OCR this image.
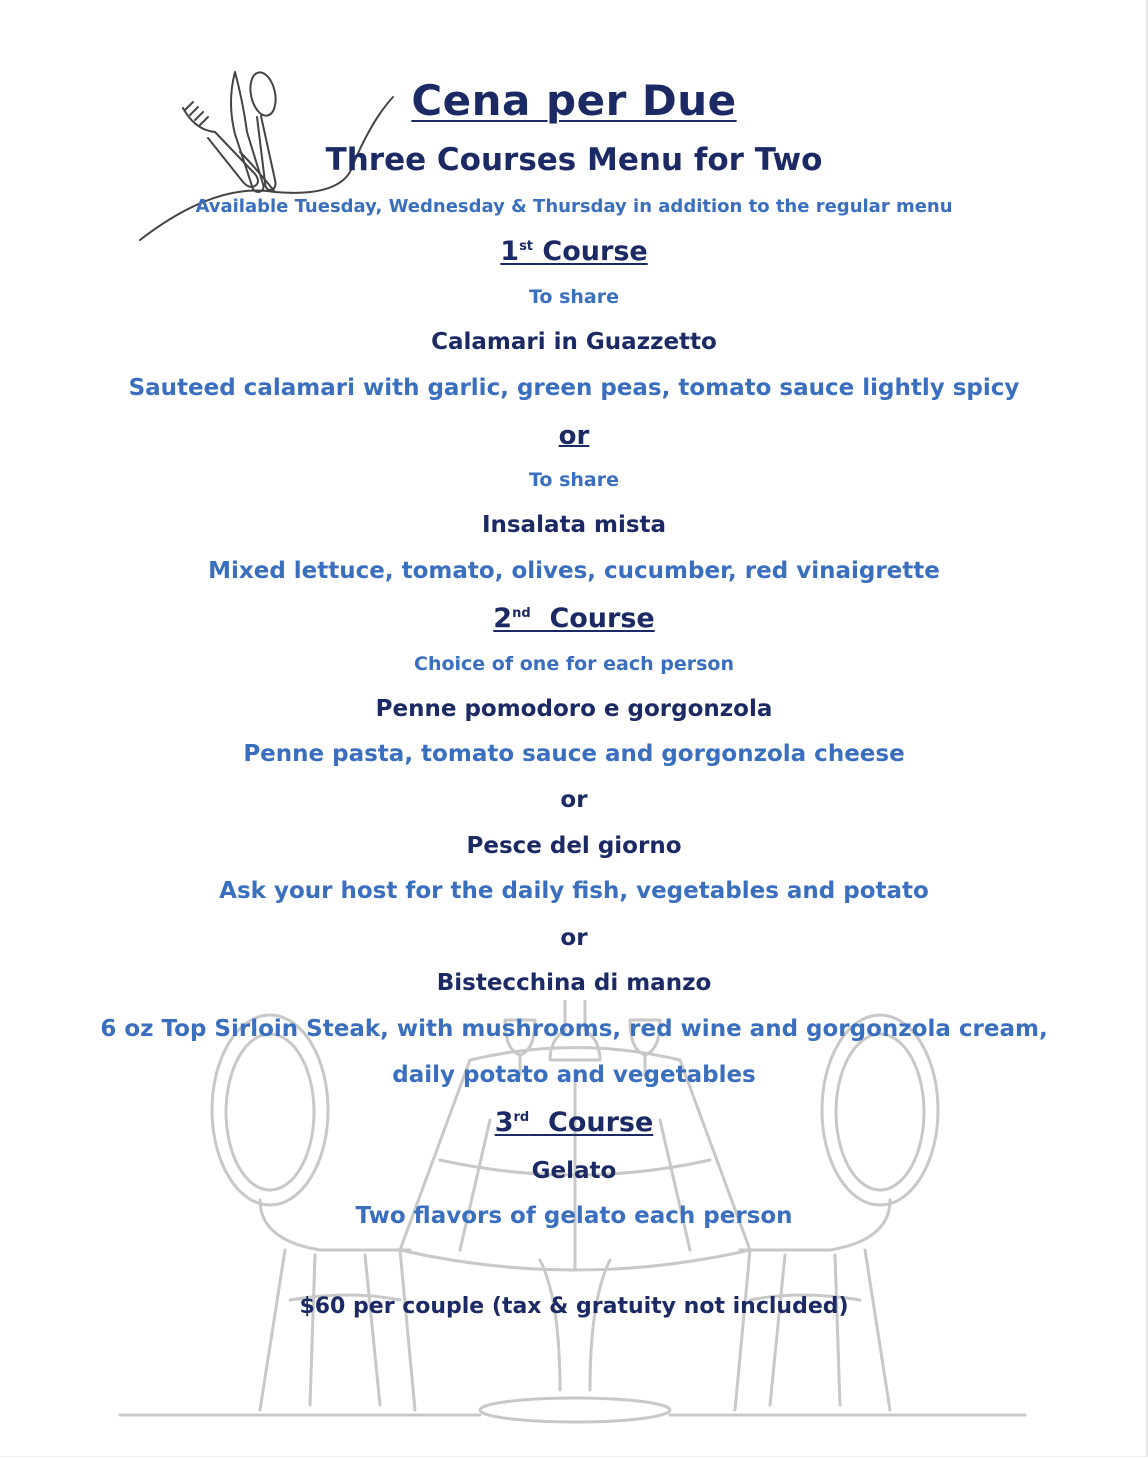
Cena per Due
Three Courses Menu for Two
Available Tuesday, Wednesday & Thursday in addition to the regular menu
1st Course
To share
Calamari in Guazzetto
Sauteed calamari with garlic, green peas, tomato sauce lightly spicy
or
To share
Insalata mista
Mixed lettuce, tomato, olives, cucumber, red vinaigrette
2nd Course
Choice of one for each person
Penne pomodoro e gorgonzola
Penne pasta, tomato sauce and gorgonzola cheese
or
Pesce del giorno
Ask your host for the daily fish, vegetables and potato
or
Bistecchina di manzo
6 oz Top Sirloin Steak, with mushrooms, red wine and gorgonzola cream,
daily potato and vegetables
3rd Course
Gelato
Two flavors of gelato each person
$60 per couple (tax & gratuity not included)
